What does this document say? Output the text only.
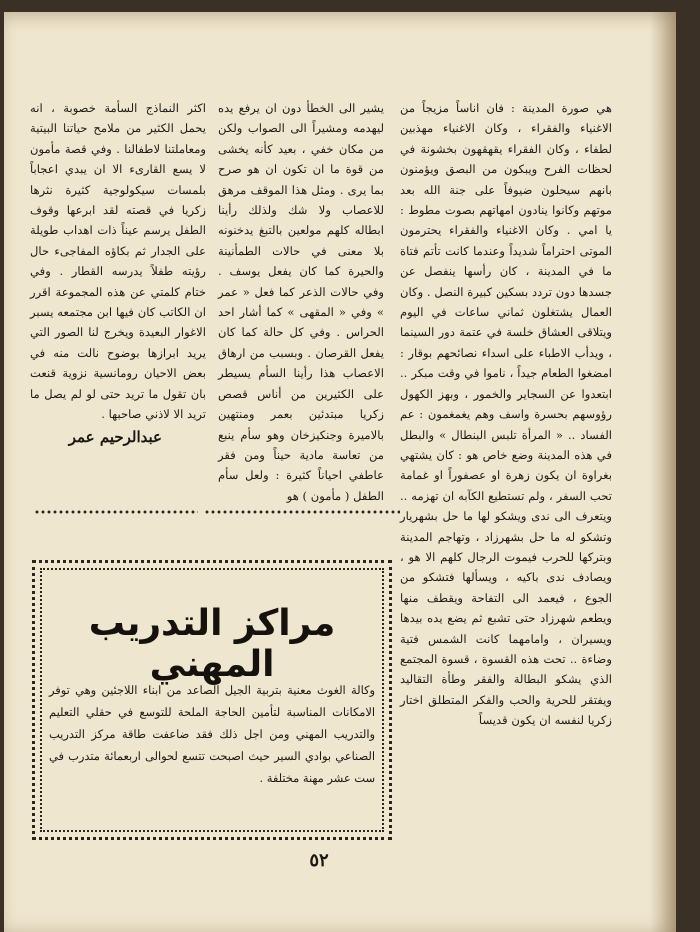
هي صورة المدينة : فان اناساً مزيجاً من الاغنياء والفقراء ، وكان الاغنياء مهذبين لطفاء ، وكان الفقراء يقهقهون بخشونة في لحظات الفرح ويبكون من البصق ويؤمنون بانهم سيحلون ضيوفاً على جنة الله بعد موتهم وكانوا ينادون امهاتهم بصوت مطوط : يا امي . وكان الاغنياء والفقراء يحترمون الموتى احتراماً شديداً وعندما كانت تأتم فتاة ما في المدينة ، كان رأسها ينفصل عن جسدها دون تردد بسكين كبيرة النصل . وكان العمال يشتغلون ثماني ساعات في اليوم ويتلاقى العشاق خلسة في عتمة دور السينما ، ويدأب الاطباء على اسداء نصائحهم بوقار : امضغوا الطعام جيداً ، ناموا في وقت مبكر .. ابتعدوا عن السجاير والخمور ، وبهز الكهول رؤوسهم بحسرة واسف وهم يغمغمون : عم الفساد .. « المرأة تلبس البنطال » والبطل في هذه المدينة وضع خاص هو : كان يشتهي بغراوة ان يكون زهرة او عصفوراً او غمامة تحب السفر ، ولم تستطيع الكآبه ان تهزمه .. ويتعرف الى ندى ويشكو لها ما حل بشهريار وتشكو له ما حل بشهرزاد ، وتهاجم المدينة وبتركها للحرب فيموت الرجال كلهم الا هو ، ويصادف ندى باكيه ، ويسألها فتشكو من الجوع ، فيعمد الى التفاحة ويقطف منها ويطعم شهرزاد حتى تشبع ثم يضع يده بيدها ويسيران ، وامامهما كانت الشمس فتية وضاءة .. تحت هذه القسوة ، قسوة المجتمع الذي يشكو البطالة والفقر وطأة التقاليد ويفتقر للحرية والحب والفكر المتطلق اختار زكريا لنفسه ان يكون قديساً

يشير الى الخطأ دون ان يرفع يده ليهدمه ومشيراً الى الصواب ولكن من مكان خفي ، بعيد كأنه يخشى من قوة ما ان تكون ان هو صرح بما يرى . ومثل هذا الموقف مرهق للاعصاب ولا شك ولذلك رأينا ابطاله كلهم مولعين بالتبغ يدخنونه بلا معنى في حالات الطمأنينة والحيرة كما كان يفعل يوسف . وفي حالات الذعر كما فعل « عمر » وفي « المقهى » كما أشار احد الحراس . وفي كل حالة كما كان يفعل القرصان . وبسبب من ارهاق الاعصاب هذا رأينا السأم يسيطر على الكثيرين من أناس قصص زكريا مبتدئين بعمر ومنتهين بالاميرة وجنكيزخان وهو سأم ينبع من تعاسة مادية حيناً ومن فقر عاطفي احياناً كثيرة : ولعل سأم الطفل ( مأمون ) هو

اكثر النماذج السأمة خصوبة ، انه يحمل الكثير من ملامح حياتنا البيتية ومعاملتنا لاطفالنا . وفي قصة مأمون لا يسع القارىء الا ان يبدي اعجاباً بلمسات سيكولوجية كثيرة نثرها زكريا في قصته لقد ابرعها وقوف الطفل يرسم عيناً ذات اهداب طويلة على الجدار ثم بكاؤه المفاجىء حال رؤيته طفلاً يدرسه القطار . وفي ختام كلمتي عن هذه المجموعة اقرر ان الكاتب كان فيها ابن مجتمعه يسبر الاغوار البعيدة ويخرج لنا الصور التي يريد ابرازها بوضوح نالت منه في بعض الاحيان رومانسية نزوية قنعت بان تقول ما تريد حتى لو لم يصل ما تريد الا لاذني صاحبها .

عبدالرحيم عمر
مراكز التدريب المهني
وكالة الغوث معنية بتربية الجيل الصاعد من ابناء اللاجئين وهي توفر الامكانات المناسبة لتأمين الحاجة الملحة للتوسع في حقلي التعليم والتدريب المهني ومن اجل ذلك فقد ضاعفت طاقة مركز التدريب الصناعي بوادي السير حيث اصبحت تتسع لحوالى اربعمائة متدرب في ست عشر مهنة مختلفة .
٥٢
